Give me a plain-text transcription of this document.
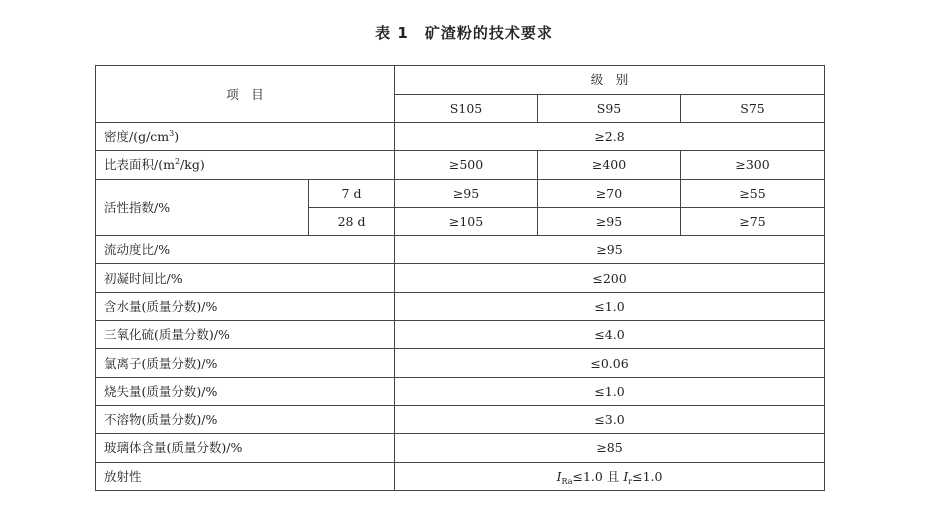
表 1 矿渣粉的技术要求
项　目		级　别		
		S105	S95	S75
密度$/(g/cm^3)$		≥2.8		
比表面积$/(m^2/kg)$		≥500	≥400	≥300
活性指数/%	7 d	≥95	≥70	≥55
	28 d	≥105	≥95	≥75
流动度比/%		≥95		
初凝时间比/%		≤200		
含水量(质量分数)/%		≤1.0		
三氧化硫(质量分数)/%		≤4.0		
氯离子(质量分数)/%		≤0.06		
烧失量(质量分数)/%		≤1.0		
不溶物(质量分数)/%		≤3.0		
玻璃体含量(质量分数)/%		≥85		
放射性		$I_{Ra}\le 1.0$ 且 $I_r\le 1.0$		
